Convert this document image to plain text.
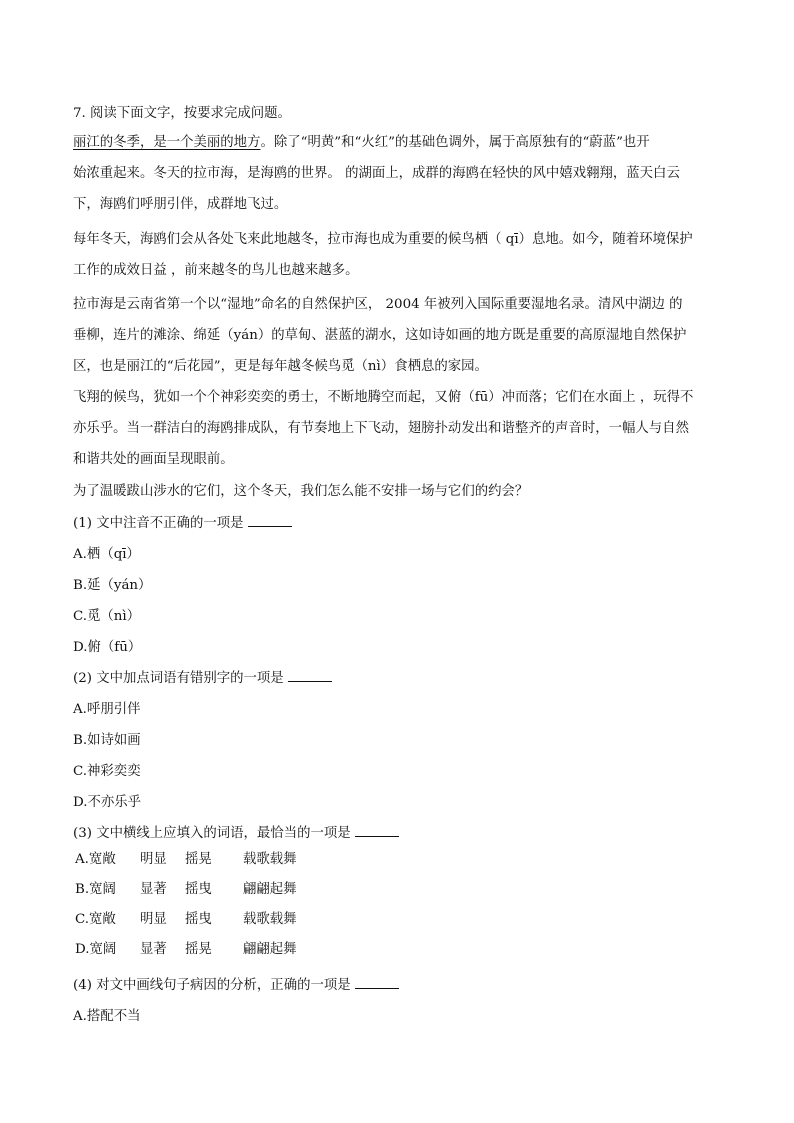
7. 阅读下面文字，按要求完成问题。
丽江的冬季，是一个美丽的地方。除了“明黄”和“火红”的基础色调外，属于高原独有的“蔚蓝”也开
始浓重起来。冬天的拉市海，是海鸥的世界。 的湖面上，成群的海鸥在轻快的风中嬉戏翱翔，蓝天白云
下，海鸥们呼朋引伴，成群地飞过。
每年冬天，海鸥们会从各处飞来此地越冬，拉市海也成为重要的候鸟栖（ qī）息地。如今，随着环境保护
工作的成效日益 ，前来越冬的鸟儿也越来越多。
拉市海是云南省第一个以“湿地”命名的自然保护区， 2004 年被列入国际重要湿地名录。清风中湖边 的
垂柳，连片的滩涂、绵延（yán）的草甸、湛蓝的湖水，这如诗如画的地方既是重要的高原湿地自然保护
区，也是丽江的“后花园”，更是每年越冬候鸟觅（nì）食栖息的家园。
飞翔的候鸟，犹如一个个神彩奕奕的勇士，不断地腾空而起，又俯（fū）冲而落；它们在水面上 ，玩得不
亦乐乎。当一群洁白的海鸥排成队，有节奏地上下飞动，翅膀扑动发出和谐整齐的声音时，一幅人与自然
和谐共处的画面呈现眼前。
为了温暖跋山涉水的它们，这个冬天，我们怎么能不安排一场与它们的约会？
(1) 文中注音不正确的一项是
A.栖（qī）
B.延（yán）
C.觅（nì）
D.俯（fū）
(2) 文中加点词语有错别字的一项是
A.呼朋引伴
B.如诗如画
C.神彩奕奕
D.不亦乐乎
(3) 文中横线上应填入的词语，最恰当的一项是
A.宽敞 明显 摇晃 载歌载舞
B.宽阔 显著 摇曳 翩翩起舞
C.宽敞 明显 摇曳 载歌载舞
D.宽阔 显著 摇晃 翩翩起舞
(4) 对文中画线句子病因的分析，正确的一项是
A.搭配不当
